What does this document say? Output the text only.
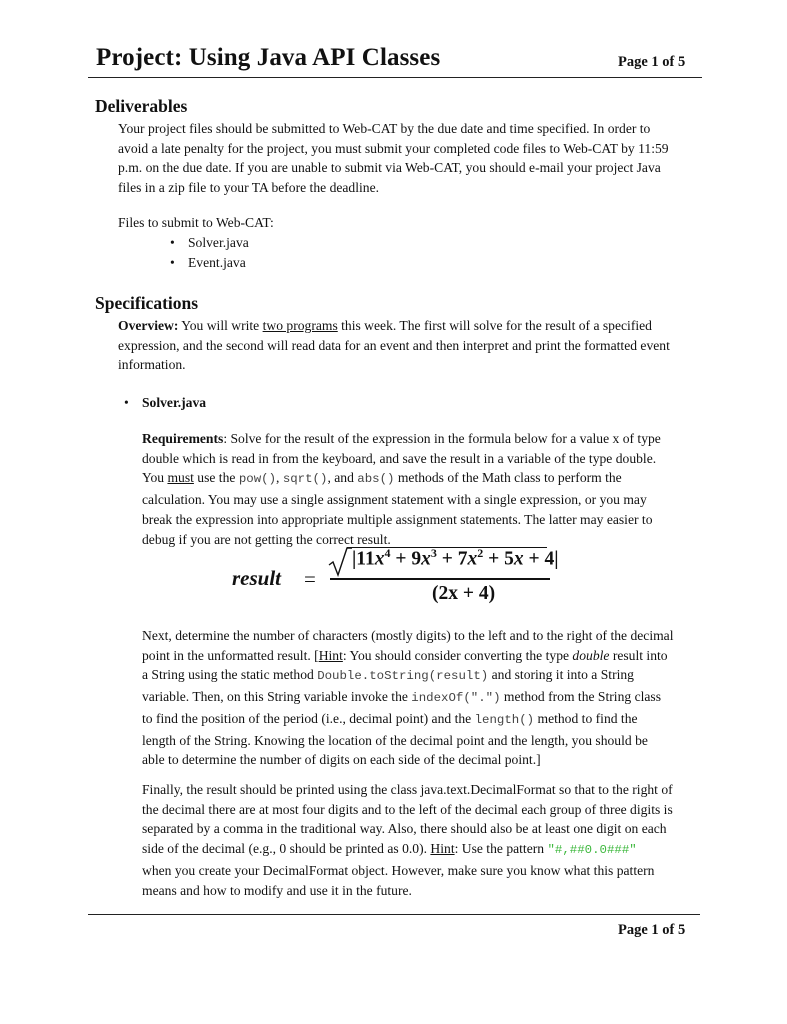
Project: Using Java API Classes	Page 1 of 5
Deliverables
Your project files should be submitted to Web-CAT by the due date and time specified. In order to
avoid a late penalty for the project, you must submit your completed code files to Web-CAT by 11:59
p.m. on the due date. If you are unable to submit via Web-CAT, you should e-mail your project Java
files in a zip file to your TA before the deadline.
Files to submit to Web-CAT:
• Solver.java
• Event.java
Specifications
Overview: You will write two programs this week. The first will solve for the result of a specified
expression, and the second will read data for an event and then interpret and print the formatted event
information.
• Solver.java
Requirements: Solve for the result of the expression in the formula below for a value x of type
double which is read in from the keyboard, and save the result in a variable of the type double.
You must use the pow(), sqrt(), and abs() methods of the Math class to perform the
calculation. You may use a single assignment statement with a single expression, or you may
break the expression into appropriate multiple assignment statements. The latter may easier to
debug if you are not getting the correct result.
result =
$|11x^4 + 9x^3 + 7x^2 + 5x + 4|$
(2x + 4)
Next, determine the number of characters (mostly digits) to the left and to the right of the decimal
point in the unformatted result. [Hint: You should consider converting the type double result into
a String using the static method Double.toString(result) and storing it into a String
variable. Then, on this String variable invoke the indexOf(".") method from the String class
to find the position of the period (i.e., decimal point) and the length() method to find the
length of the String. Knowing the location of the decimal point and the length, you should be
able to determine the number of digits on each side of the decimal point.]
Finally, the result should be printed using the class java.text.DecimalFormat so that to the right of
the decimal there are at most four digits and to the left of the decimal each group of three digits is
separated by a comma in the traditional way. Also, there should also be at least one digit on each
side of the decimal (e.g., 0 should be printed as 0.0). Hint: Use the pattern "#,##0.0###"
when you create your DecimalFormat object. However, make sure you know what this pattern
means and how to modify and use it in the future.
Page 1 of 5
